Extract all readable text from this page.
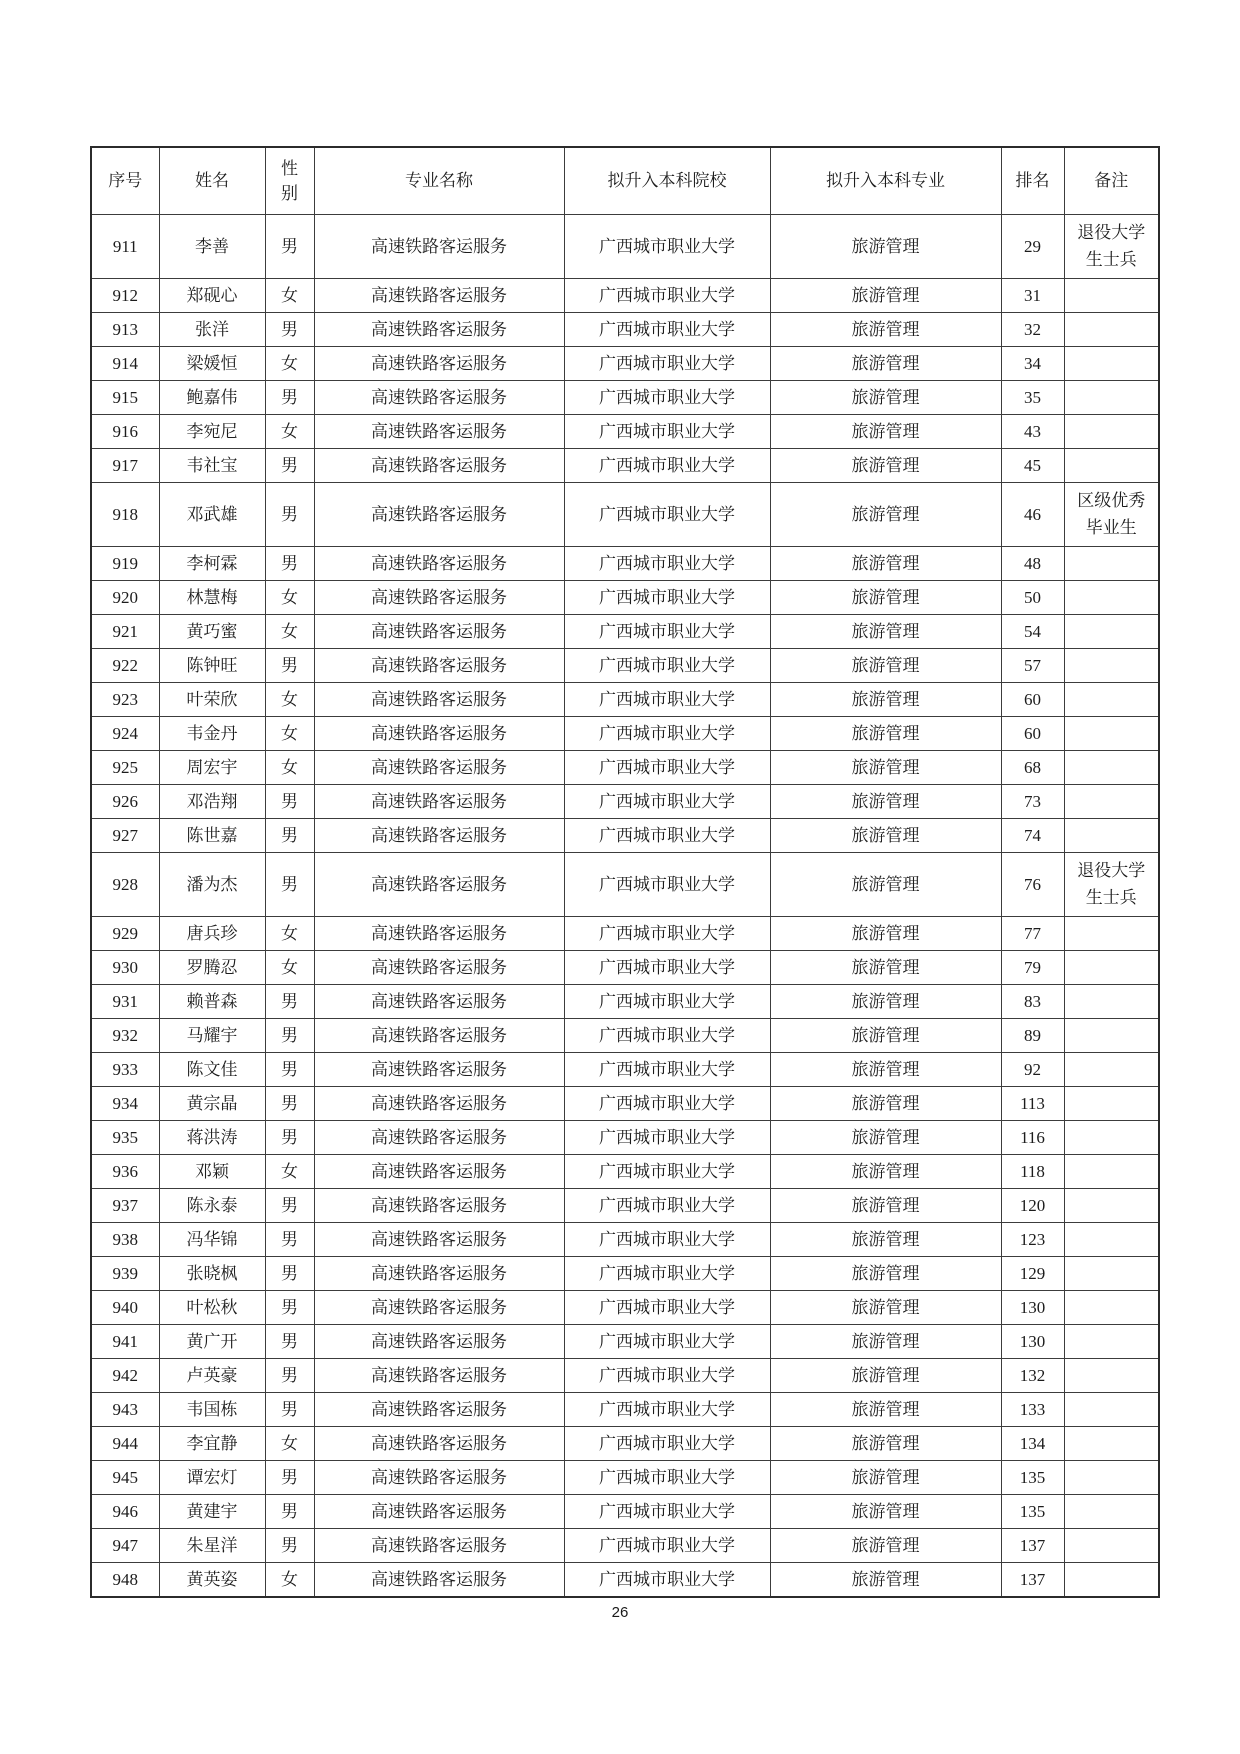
序号	姓名	性别	专业名称	拟升入本科院校	拟升入本科专业	排名	备注
911	李善	男	高速铁路客运服务	广西城市职业大学	旅游管理	29	退役大学生士兵
912	郑砚心	女	高速铁路客运服务	广西城市职业大学	旅游管理	31	
913	张洋	男	高速铁路客运服务	广西城市职业大学	旅游管理	32	
914	梁媛恒	女	高速铁路客运服务	广西城市职业大学	旅游管理	34	
915	鲍嘉伟	男	高速铁路客运服务	广西城市职业大学	旅游管理	35	
916	李宛尼	女	高速铁路客运服务	广西城市职业大学	旅游管理	43	
917	韦社宝	男	高速铁路客运服务	广西城市职业大学	旅游管理	45	
918	邓武雄	男	高速铁路客运服务	广西城市职业大学	旅游管理	46	区级优秀毕业生
919	李柯霖	男	高速铁路客运服务	广西城市职业大学	旅游管理	48	
920	林慧梅	女	高速铁路客运服务	广西城市职业大学	旅游管理	50	
921	黄巧蜜	女	高速铁路客运服务	广西城市职业大学	旅游管理	54	
922	陈钟旺	男	高速铁路客运服务	广西城市职业大学	旅游管理	57	
923	叶荣欣	女	高速铁路客运服务	广西城市职业大学	旅游管理	60	
924	韦金丹	女	高速铁路客运服务	广西城市职业大学	旅游管理	60	
925	周宏宇	女	高速铁路客运服务	广西城市职业大学	旅游管理	68	
926	邓浩翔	男	高速铁路客运服务	广西城市职业大学	旅游管理	73	
927	陈世嘉	男	高速铁路客运服务	广西城市职业大学	旅游管理	74	
928	潘为杰	男	高速铁路客运服务	广西城市职业大学	旅游管理	76	退役大学生士兵
929	唐兵珍	女	高速铁路客运服务	广西城市职业大学	旅游管理	77	
930	罗腾忍	女	高速铁路客运服务	广西城市职业大学	旅游管理	79	
931	赖普森	男	高速铁路客运服务	广西城市职业大学	旅游管理	83	
932	马耀宇	男	高速铁路客运服务	广西城市职业大学	旅游管理	89	
933	陈文佳	男	高速铁路客运服务	广西城市职业大学	旅游管理	92	
934	黄宗晶	男	高速铁路客运服务	广西城市职业大学	旅游管理	113	
935	蒋洪涛	男	高速铁路客运服务	广西城市职业大学	旅游管理	116	
936	邓颖	女	高速铁路客运服务	广西城市职业大学	旅游管理	118	
937	陈永泰	男	高速铁路客运服务	广西城市职业大学	旅游管理	120	
938	冯华锦	男	高速铁路客运服务	广西城市职业大学	旅游管理	123	
939	张晓枫	男	高速铁路客运服务	广西城市职业大学	旅游管理	129	
940	叶松秋	男	高速铁路客运服务	广西城市职业大学	旅游管理	130	
941	黄广开	男	高速铁路客运服务	广西城市职业大学	旅游管理	130	
942	卢英豪	男	高速铁路客运服务	广西城市职业大学	旅游管理	132	
943	韦国栋	男	高速铁路客运服务	广西城市职业大学	旅游管理	133	
944	李宜静	女	高速铁路客运服务	广西城市职业大学	旅游管理	134	
945	谭宏灯	男	高速铁路客运服务	广西城市职业大学	旅游管理	135	
946	黄建宇	男	高速铁路客运服务	广西城市职业大学	旅游管理	135	
947	朱星洋	男	高速铁路客运服务	广西城市职业大学	旅游管理	137	
948	黄英姿	女	高速铁路客运服务	广西城市职业大学	旅游管理	137	
26
